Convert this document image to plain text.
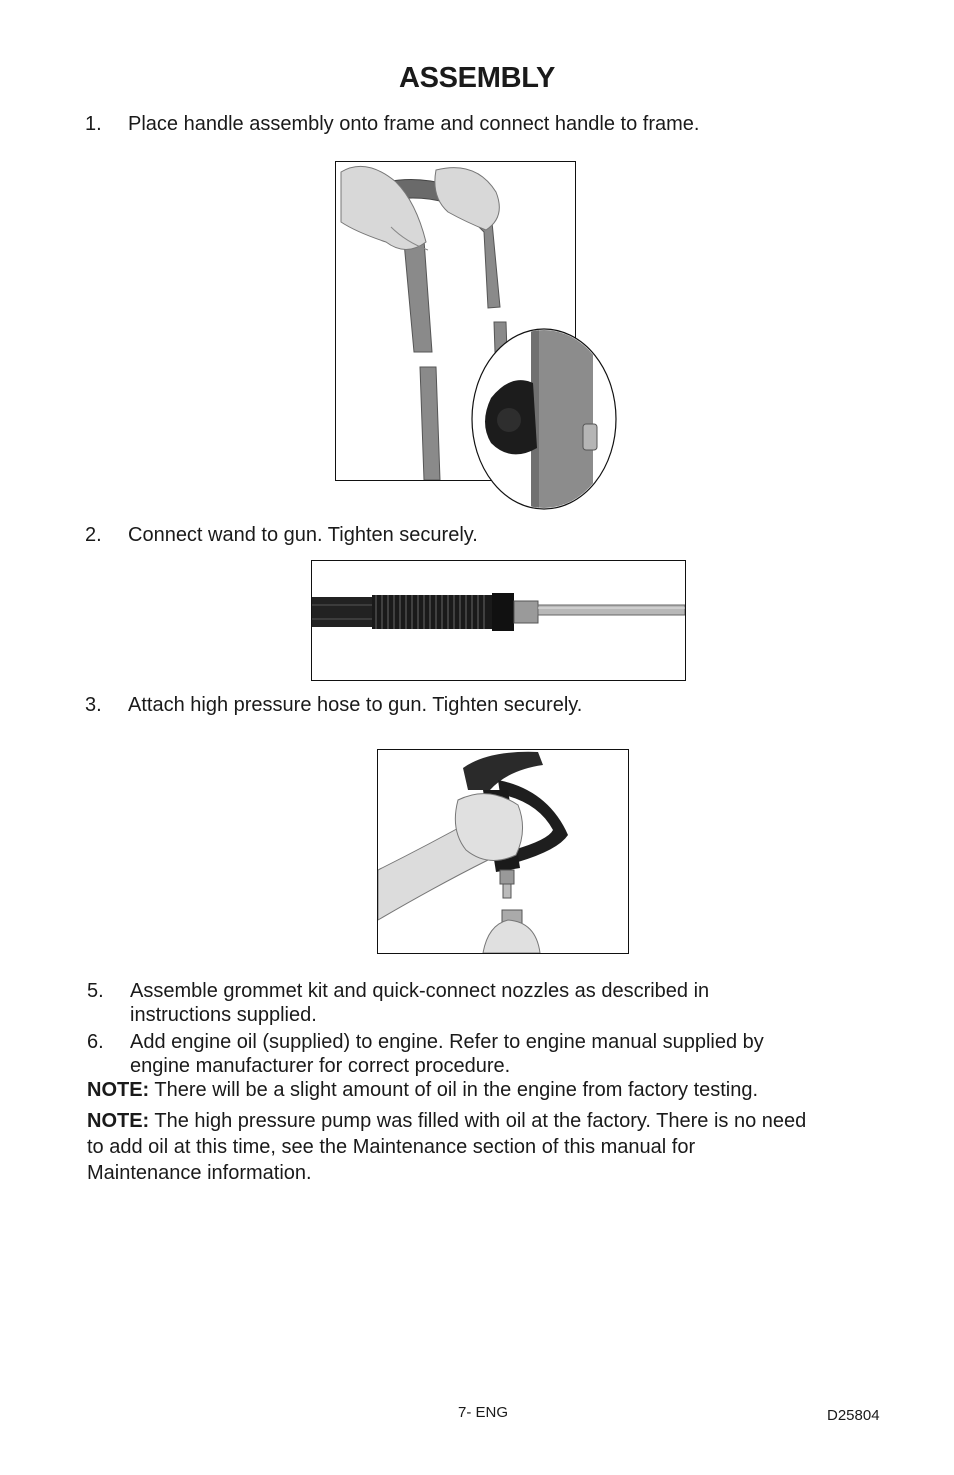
ASSEMBLY
1. Place handle assembly onto frame and connect handle to frame.
2. Connect wand to gun. Tighten securely.
3. Attach high pressure hose to gun. Tighten securely.
5. Assemble grommet kit and quick-connect nozzles as described in
instructions supplied.
6. Add engine oil (supplied) to engine. Refer to engine manual supplied by
engine manufacturer for correct procedure.
NOTE: There will be a slight amount of oil in the engine from factory testing.
NOTE: The high pressure pump was filled with oil at the factory. There is no need
to add oil at this time, see the Maintenance section of this manual for
Maintenance information.
7- ENG	D25804
